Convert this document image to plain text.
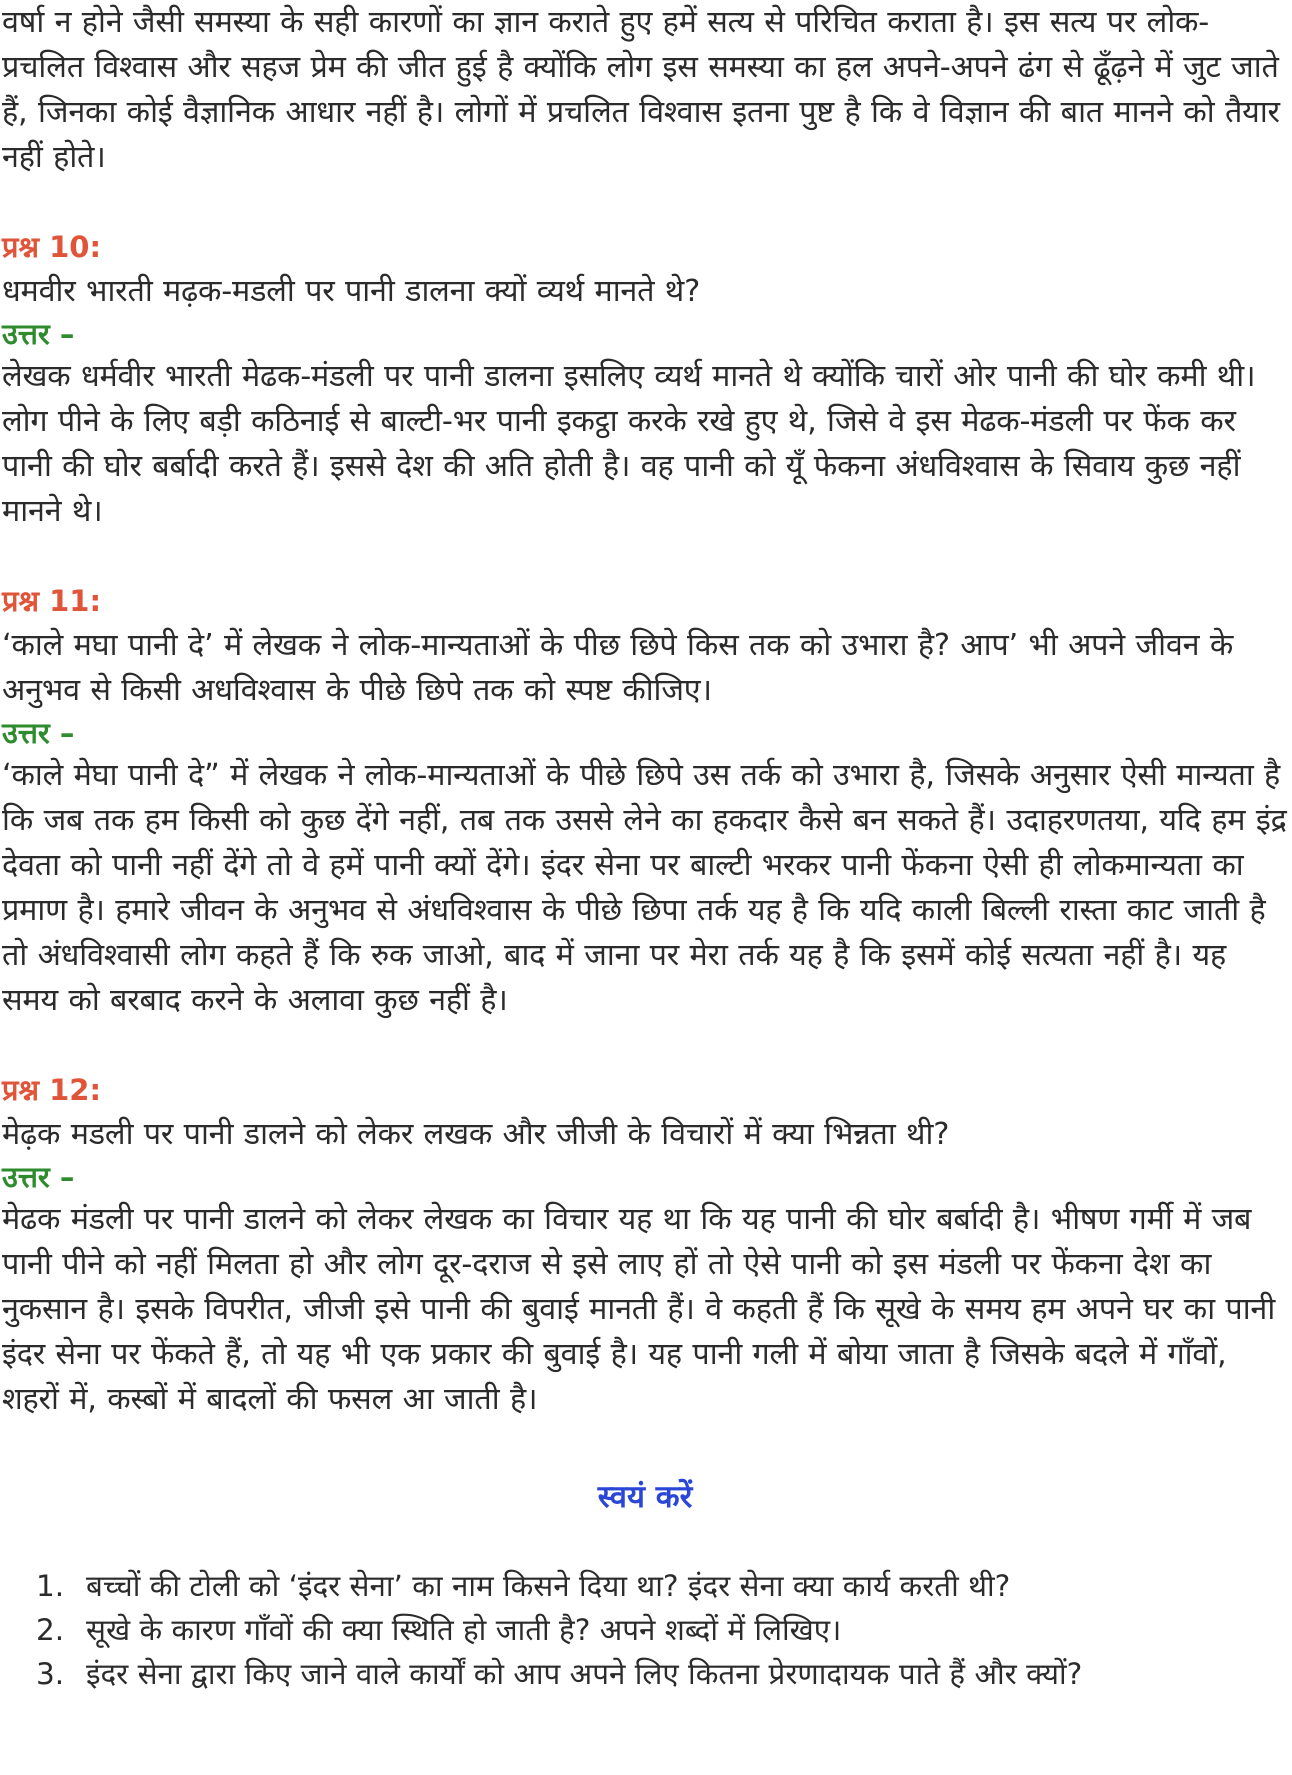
वर्षा न होने जैसी समस्या के सही कारणों का ज्ञान कराते हुए हमें सत्य से परिचित कराता है। इस सत्य पर लोक-प्रचलित विश्वास और सहज प्रेम की जीत हुई है क्योंकि लोग इस समस्या का हल अपने-अपने ढंग से ढूँढ़ने में जुट जाते हैं, जिनका कोई वैज्ञानिक आधार नहीं है। लोगों में प्रचलित विश्वास इतना पुष्ट है कि वे विज्ञान की बात मानने को तैयार नहीं होते।

प्रश्न 10:

धमवीर भारती मढ़क-मडली पर पानी डालना क्यों व्यर्थ मानते थे?

उत्तर –

लेखक धर्मवीर भारती मेढक-मंडली पर पानी डालना इसलिए व्यर्थ मानते थे क्योंकि चारों ओर पानी की घोर कमी थी। लोग पीने के लिए बड़ी कठिनाई से बाल्टी-भर पानी इकट्ठा करके रखे हुए थे, जिसे वे इस मेढक-मंडली पर फेंक कर पानी की घोर बर्बादी करते हैं। इससे देश की अति होती है। वह पानी को यूँ फेकना अंधविश्वास के सिवाय कुछ नहीं मानने थे।

प्रश्न 11:

‘काले मघा पानी दे’ में लेखक ने लोक-मान्यताओं के पीछ छिपे किस तक को उभारा है? आप’ भी अपने जीवन के अनुभव से किसी अधविश्वास के पीछे छिपे तक को स्पष्ट कीजिए।

उत्तर –

‘काले मेघा पानी दे” में लेखक ने लोक-मान्यताओं के पीछे छिपे उस तर्क को उभारा है, जिसके अनुसार ऐसी मान्यता है कि जब तक हम किसी को कुछ देंगे नहीं, तब तक उससे लेने का हकदार कैसे बन सकते हैं। उदाहरणतया, यदि हम इंद्र देवता को पानी नहीं देंगे तो वे हमें पानी क्यों देंगे। इंदर सेना पर बाल्टी भरकर पानी फेंकना ऐसी ही लोकमान्यता का प्रमाण है। हमारे जीवन के अनुभव से अंधविश्वास के पीछे छिपा तर्क यह है कि यदि काली बिल्ली रास्ता काट जाती है तो अंधविश्वासी लोग कहते हैं कि रुक जाओ, बाद में जाना पर मेरा तर्क यह है कि इसमें कोई सत्यता नहीं है। यह समय को बरबाद करने के अलावा कुछ नहीं है।

प्रश्न 12:

मेढ़क मडली पर पानी डालने को लेकर लखक और जीजी के विचारों में क्या भिन्नता थी?

उत्तर –

मेढक मंडली पर पानी डालने को लेकर लेखक का विचार यह था कि यह पानी की घोर बर्बादी है। भीषण गर्मी में जब पानी पीने को नहीं मिलता हो और लोग दूर-दराज से इसे लाए हों तो ऐसे पानी को इस मंडली पर फेंकना देश का नुकसान है। इसके विपरीत, जीजी इसे पानी की बुवाई मानती हैं। वे कहती हैं कि सूखे के समय हम अपने घर का पानी इंदर सेना पर फेंकते हैं, तो यह भी एक प्रकार की बुवाई है। यह पानी गली में बोया जाता है जिसके बदले में गाँवों, शहरों में, कस्बों में बादलों की फसल आ जाती है।

स्वयं करें
1. बच्चों की टोली को ‘इंदर सेना’ का नाम किसने दिया था? इंदर सेना क्या कार्य करती थी?
2. सूखे के कारण गाँवों की क्या स्थिति हो जाती है? अपने शब्दों में लिखिए।
3. इंदर सेना द्वारा किए जाने वाले कार्यों को आप अपने लिए कितना प्रेरणादायक पाते हैं और क्यों?
